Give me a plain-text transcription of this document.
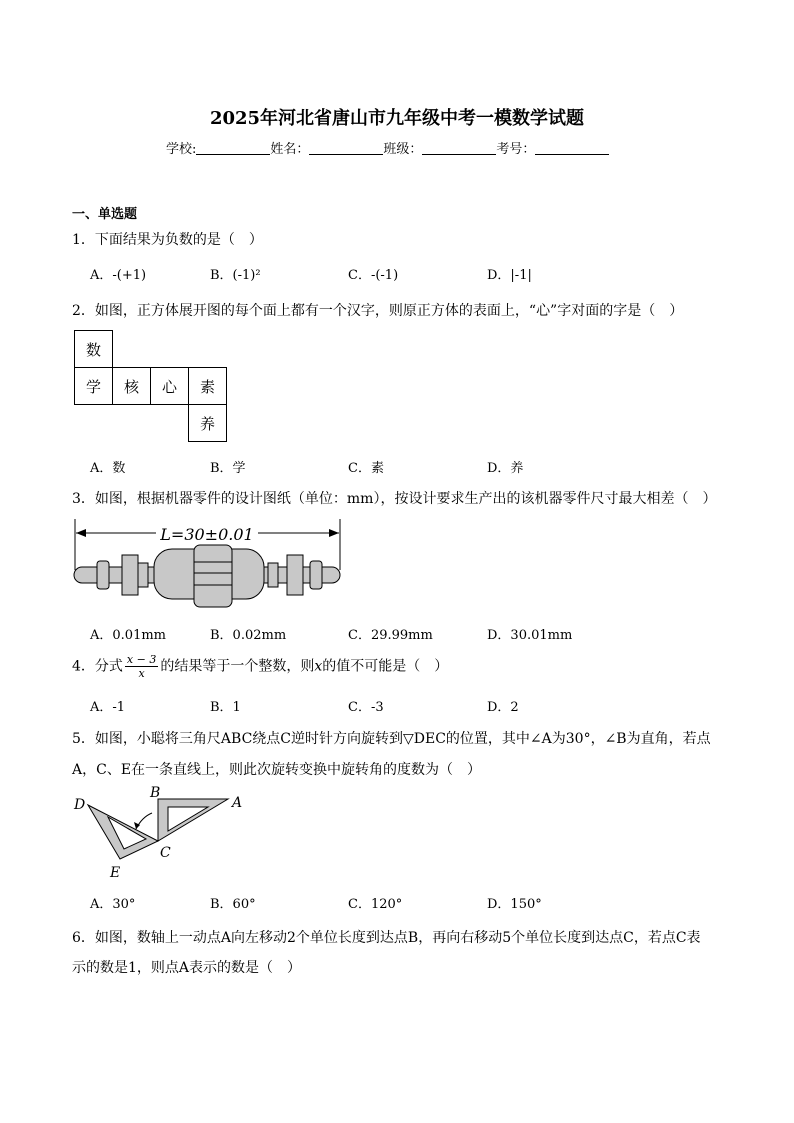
2025年河北省唐山市九年级中考一模数学试题
学校:	姓名：	班级：	考号：
一、单选题
1．下面结果为负数的是（　）
A．-(+1)	B．(-1)²	C．-(-1)	D．|-1|
2．如图，正方体展开图的每个面上都有一个汉字，则原正方体的表面上，“心”字对面的字是（　）
数			
学	核	心	素
			养
A．数	B．学	C．素	D．养
3．如图，根据机器零件的设计图纸（单位：mm），按设计要求生产出的该机器零件尺寸最大相差（　）
L=30±0.01
A．0.01mm	B．0.02mm	C．29.99mm	D．30.01mm
4．分式 $\frac{x - 3}{x}$ 的结果等于一个整数，则x的值不可能是（　）
A．-1	B．1	C．-3	D．2
5．如图，小聪将三角尺ABC绕点C逆时针方向旋转到▽DEC的位置，其中∠A为30°，∠B为直角，若点
A，C、E在一条直线上，则此次旋转变换中旋转角的度数为（　）
D
B
A
C
E
A．30°	B．60°	C．120°	D．150°
6．如图，数轴上一动点A向左移动2个单位长度到达点B，再向右移动5个单位长度到达点C，若点C表
示的数是1，则点A表示的数是（　）
